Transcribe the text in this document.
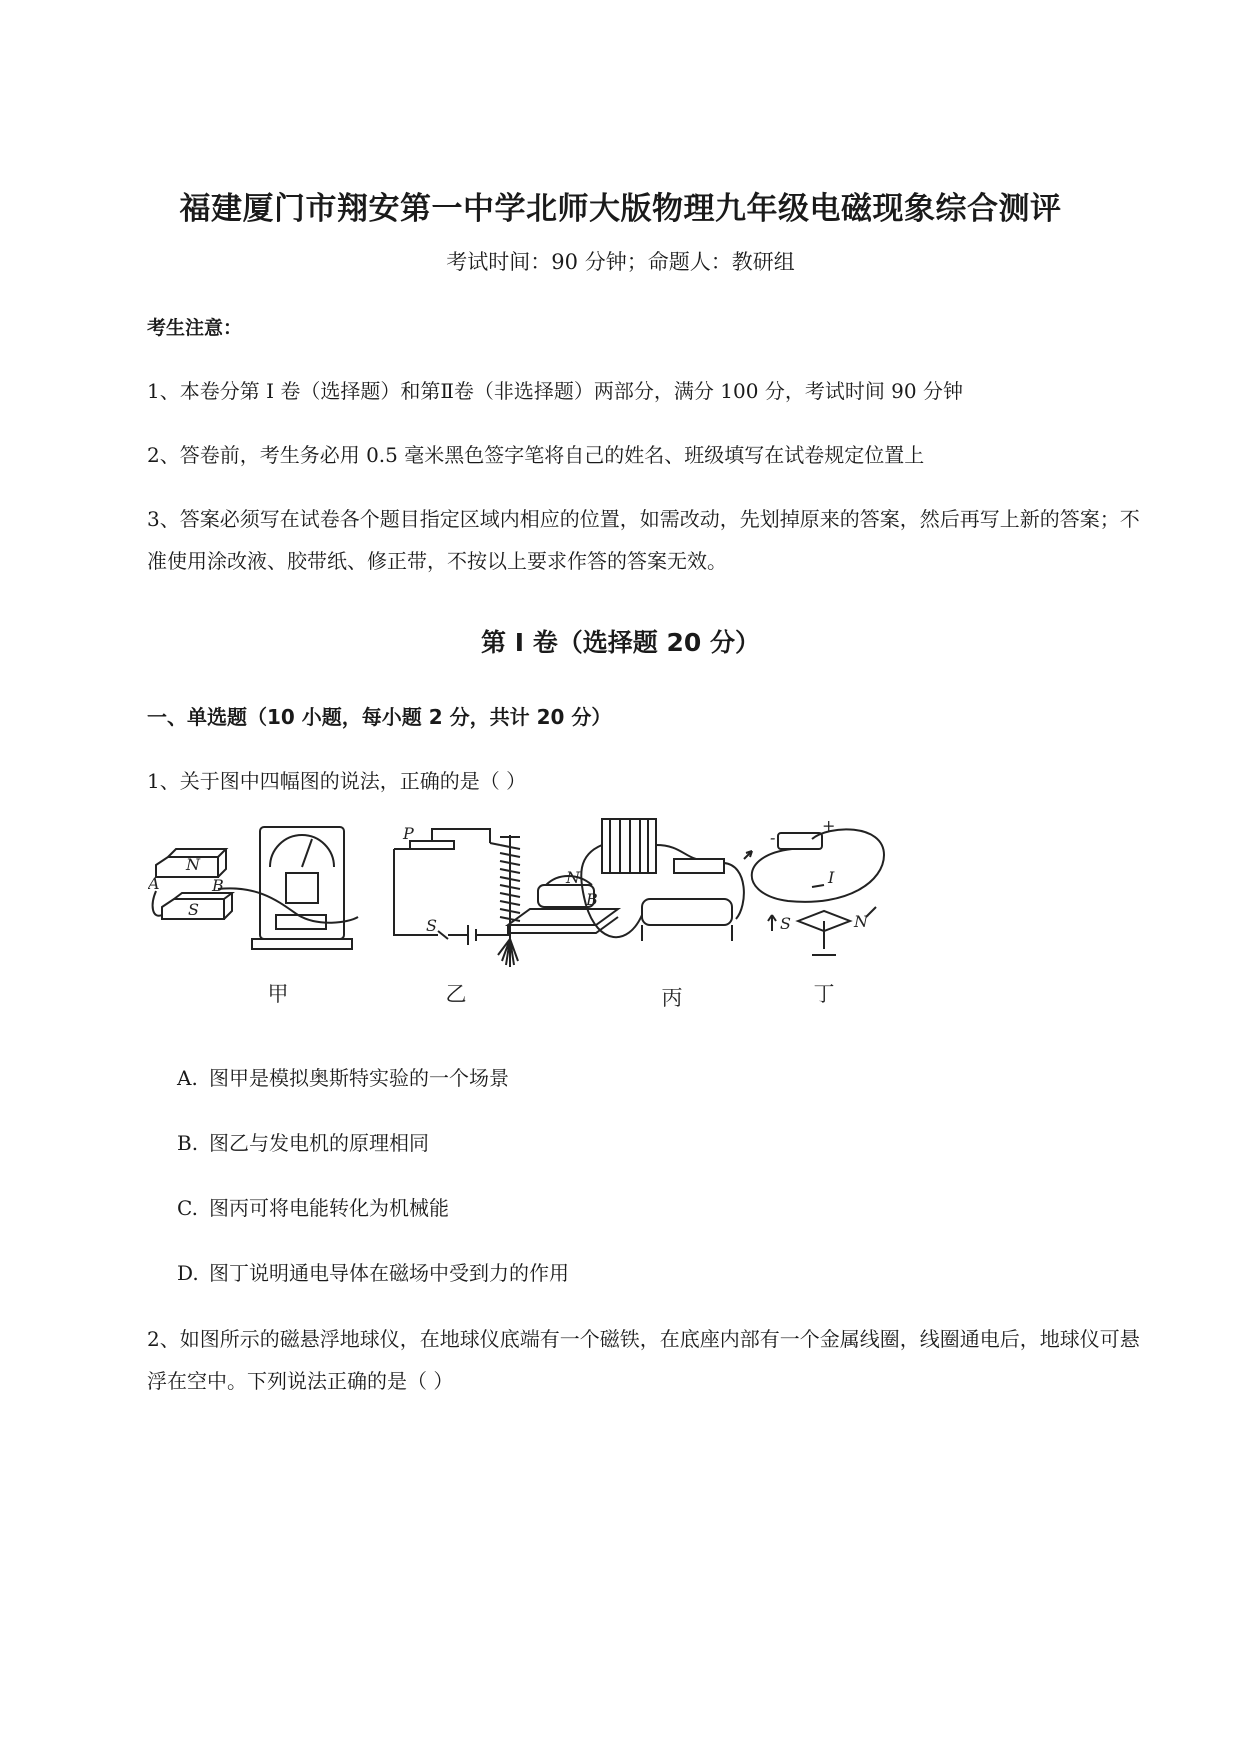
福建厦门市翔安第一中学北师大版物理九年级电磁现象综合测评
考试时间：90 分钟；命题人：教研组
考生注意：
1、本卷分第 I 卷（选择题）和第Ⅱ卷（非选择题）两部分，满分 100 分，考试时间 90 分钟
2、答卷前，考生务必用 0.5 毫米黑色签字笔将自己的姓名、班级填写在试卷规定位置上
3、答案必须写在试卷各个题目指定区域内相应的位置，如需改动，先划掉原来的答案，然后再写上新的答案；不准使用涂改液、胶带纸、修正带，不按以上要求作答的答案无效。
第 I 卷（选择题 20 分）
一、单选题（10 小题，每小题 2 分，共计 20 分）
1、关于图中四幅图的说法，正确的是（ ）
N
S
A	B
P
S
N
B
+
-
I
S	N
甲	乙	丙	丁
A. 图甲是模拟奥斯特实验的一个场景
B. 图乙与发电机的原理相同
C. 图丙可将电能转化为机械能
D. 图丁说明通电导体在磁场中受到力的作用
2、如图所示的磁悬浮地球仪，在地球仪底端有一个磁铁，在底座内部有一个金属线圈，线圈通电后，地球仪可悬浮在空中。下列说法正确的是（ ）
